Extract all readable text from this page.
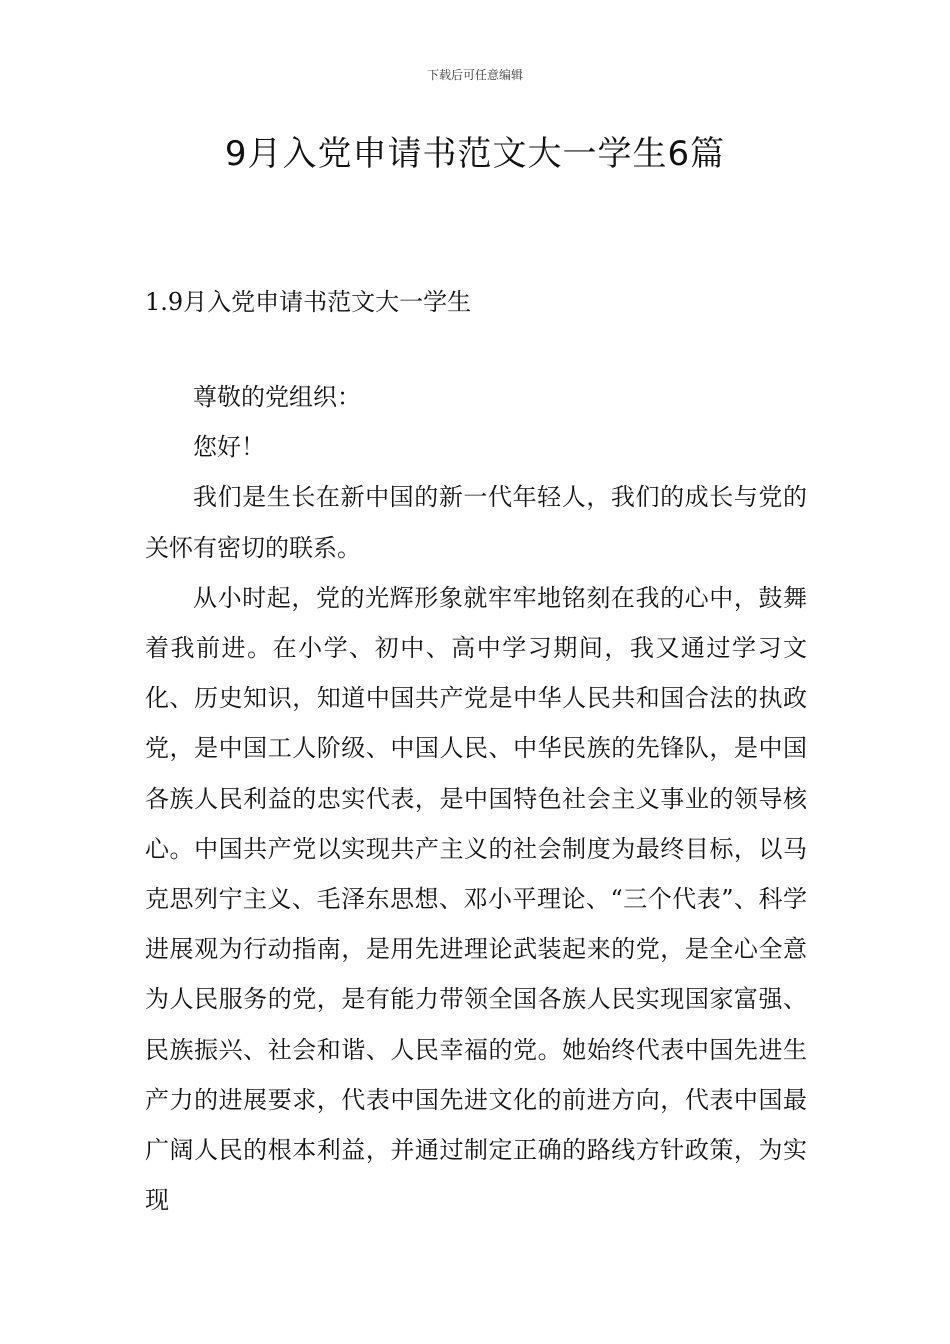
下载后可任意编辑
9月入党申请书范文大一学生6篇
1.9月入党申请书范文大一学生

尊敬的党组织：

您好！

我们是生长在新中国的新一代年轻人，我们的成长与党的关怀有密切的联系。

从小时起，党的光辉形象就牢牢地铭刻在我的心中，鼓舞着我前进。在小学、初中、高中学习期间，我又通过学习文化、历史知识，知道中国共产党是中华人民共和国合法的执政党，是中国工人阶级、中国人民、中华民族的先锋队，是中国各族人民利益的忠实代表，是中国特色社会主义事业的领导核心。中国共产党以实现共产主义的社会制度为最终目标，以马克思列宁主义、毛泽东思想、邓小平理论、“三个代表”、科学进展观为行动指南，是用先进理论武装起来的党，是全心全意为人民服务的党，是有能力带领全国各族人民实现国家富强、民族振兴、社会和谐、人民幸福的党。她始终代表中国先进生产力的进展要求，代表中国先进文化的前进方向，代表中国最广阔人民的根本利益，并通过制定正确的路线方针政策，为实现
